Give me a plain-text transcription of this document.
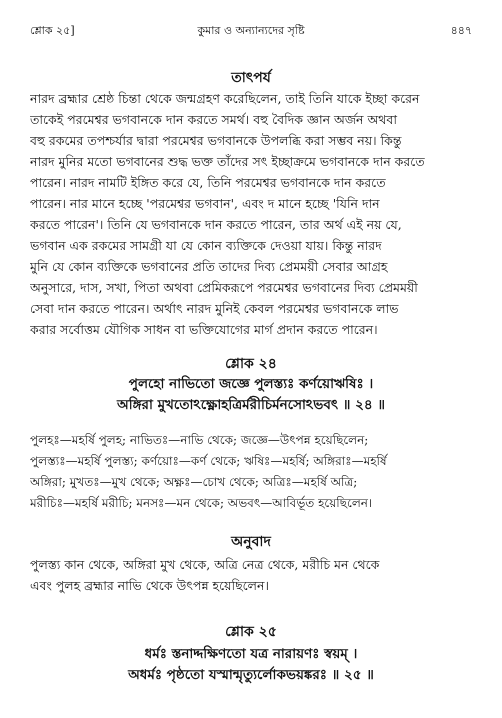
শ্লোক ২৫]	কুমার ও অন্যান্যদের সৃষ্টি	৪৪৭
তাৎপর্য
নারদ ব্রহ্মার শ্রেষ্ঠ চিন্তা থেকে জন্মগ্রহণ করেছিলেন, তাই তিনি যাকে ইচ্ছা করেন
তাকেই পরমেশ্বর ভগবানকে দান করতে সমর্থ। বহু বৈদিক জ্ঞান অর্জন অথবা
বহু রকমের তপশ্চর্যার দ্বারা পরমেশ্বর ভগবানকে উপলব্ধি করা সম্ভব নয়। কিন্তু
নারদ মুনির মতো ভগবানের শুদ্ধ ভক্ত তাঁদের সৎ ইচ্ছাক্রমে ভগবানকে দান করতে
পারেন। নারদ নামটি ইঙ্গিত করে যে, তিনি পরমেশ্বর ভগবানকে দান করতে
পারেন। নার মানে হচ্ছে 'পরমেশ্বর ভগবান', এবং দ মানে হচ্ছে 'যিনি দান
করতে পারেন'। তিনি যে ভগবানকে দান করতে পারেন, তার অর্থ এই নয় যে,
ভগবান এক রকমের সামগ্রী যা যে কোন ব্যক্তিকে দেওয়া যায়। কিন্তু নারদ
মুনি যে কোন ব্যক্তিকে ভগবানের প্রতি তাদের দিব্য প্রেমময়ী সেবার আগ্রহ
অনুসারে, দাস, সখা, পিতা অথবা প্রেমিকরূপে পরমেশ্বর ভগবানের দিব্য প্রেমময়ী
সেবা দান করতে পারেন। অর্থাৎ নারদ মুনিই কেবল পরমেশ্বর ভগবানকে লাভ
করার সর্বোত্তম যৌগিক সাধন বা ভক্তিযোগের মার্গ প্রদান করতে পারেন।
শ্লোক ২৪
পুলহো নাভিতো জজ্ঞে পুলস্ত্যঃ কর্ণয়োঋষিঃ ।
অঙ্গিরা মুখতোঽক্ষ্ণোহত্রির্মরীচির্মনসোঽভবৎ ॥ ২৪ ॥
পুলহঃ—মহর্ষি পুলহ; নাভিতঃ—নাভি থেকে; জজ্ঞে—উৎপন্ন হয়েছিলেন;
পুলস্ত্যঃ—মহর্ষি পুলস্ত্য; কর্ণয়োঃ—কর্ণ থেকে; ঋষিঃ—মহর্ষি; অঙ্গিরাঃ—মহর্ষি
অঙ্গিরা; মুখতঃ—মুখ থেকে; অক্ষ্ণঃ—চোখ থেকে; অত্রিঃ—মহর্ষি অত্রি;
মরীচিঃ—মহর্ষি মরীচি; মনসঃ—মন থেকে; অভবৎ—আবির্ভূত হয়েছিলেন।
অনুবাদ
পুলস্ত্য কান থেকে, অঙ্গিরা মুখ থেকে, অত্রি নেত্র থেকে, মরীচি মন থেকে
এবং পুলহ ব্রহ্মার নাভি থেকে উৎপন্ন হয়েছিলেন।
শ্লোক ২৫
ধর্মঃ স্তনাদ্দক্ষিণতো যত্র নারায়ণঃ স্বয়ম্ ।
অধর্মঃ পৃষ্ঠতো যস্মান্মৃত্যুর্লোকভয়ঙ্করঃ ॥ ২৫ ॥
